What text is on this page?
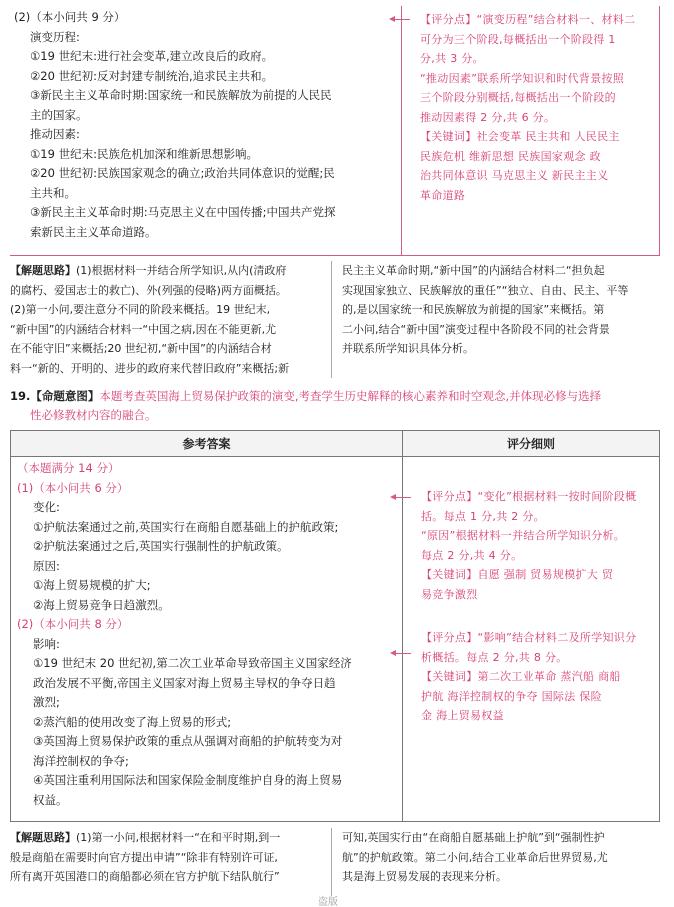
(2)（本小问共 9 分）
演变历程:
①19 世纪末:进行社会变革,建立改良后的政府。
②20 世纪初:反对封建专制统治,追求民主共和。
③新民主主义革命时期:国家统一和民族解放为前提的人民民
主的国家。
推动因素:
①19 世纪末:民族危机加深和维新思想影响。
②20 世纪初:民族国家观念的确立;政治共同体意识的觉醒;民
主共和。
③新民主主义革命时期:马克思主义在中国传播;中国共产党探
索新民主主义革命道路。
【评分点】“演变历程”结合材料一、材料二
可分为三个阶段,每概括出一个阶段得 1
分,共 3 分。
“推动因素”联系所学知识和时代背景按照
三个阶段分别概括,每概括出一个阶段的
推动因素得 2 分,共 6 分。
【关键词】社会变革 民主共和 人民民主
民族危机 维新思想 民族国家观念 政
治共同体意识 马克思主义 新民主主义
革命道路
【解题思路】(1)根据材料一并结合所学知识,从内(清政府
的腐朽、爱国志士的救亡)、外(列强的侵略)两方面概括。
(2)第一小问,要注意分不同的阶段来概括。19 世纪末,
“新中国”的内涵结合材料一“中国之病,因在不能更新,尤
在不能守旧”来概括;20 世纪初,“新中国”的内涵结合材
料一“新的、开明的、进步的政府来代替旧政府”来概括;新
民主主义革命时期,“新中国”的内涵结合材料二“担负起
实现国家独立、民族解放的重任”“独立、自由、民主、平等
的,是以国家统一和民族解放为前提的国家”来概括。第
二小问,结合“新中国”演变过程中各阶段不同的社会背景
并联系所学知识具体分析。
19.【命题意图】本题考查英国海上贸易保护政策的演变,考查学生历史解释的核心素养和时空观念,并体现必修与选择
性必修教材内容的融合。
参考答案	评分细则
（本题满分 14 分）
(1)（本小问共 6 分）
变化:
①护航法案通过之前,英国实行在商船自愿基础上的护航政策;
②护航法案通过之后,英国实行强制性的护航政策。
原因:
①海上贸易规模的扩大;
②海上贸易竞争日趋激烈。
(2)（本小问共 8 分）
影响:
①19 世纪末 20 世纪初,第二次工业革命导致帝国主义国家经济
政治发展不平衡,帝国主义国家对海上贸易主导权的争夺日趋
激烈;
②蒸汽船的使用改变了海上贸易的形式;
③英国海上贸易保护政策的重点从强调对商船的护航转变为对
海洋控制权的争夺;
④英国注重利用国际法和国家保险金制度维护自身的海上贸易
权益。
【评分点】“变化”根据材料一按时间阶段概
括。每点 1 分,共 2 分。
“原因”根据材料一并结合所学知识分析。
每点 2 分,共 4 分。
【关键词】自愿 强制 贸易规模扩大 贸
易竞争激烈
【评分点】“影响”结合材料二及所学知识分
析概括。每点 2 分,共 8 分。
【关键词】第二次工业革命 蒸汽船 商船
护航 海洋控制权的争夺 国际法 保险
金 海上贸易权益
【解题思路】(1)第一小问,根据材料一“在和平时期,到一
般是商船在需要时向官方提出申请”“除非有特别许可证,
所有离开英国港口的商船都必须在官方护航下结队航行”
可知,英国实行由“在商船自愿基础上护航”到“强制性护
航”的护航政策。第二小问,结合工业革命后世界贸易,尤
其是海上贸易发展的表现来分析。
盗版
